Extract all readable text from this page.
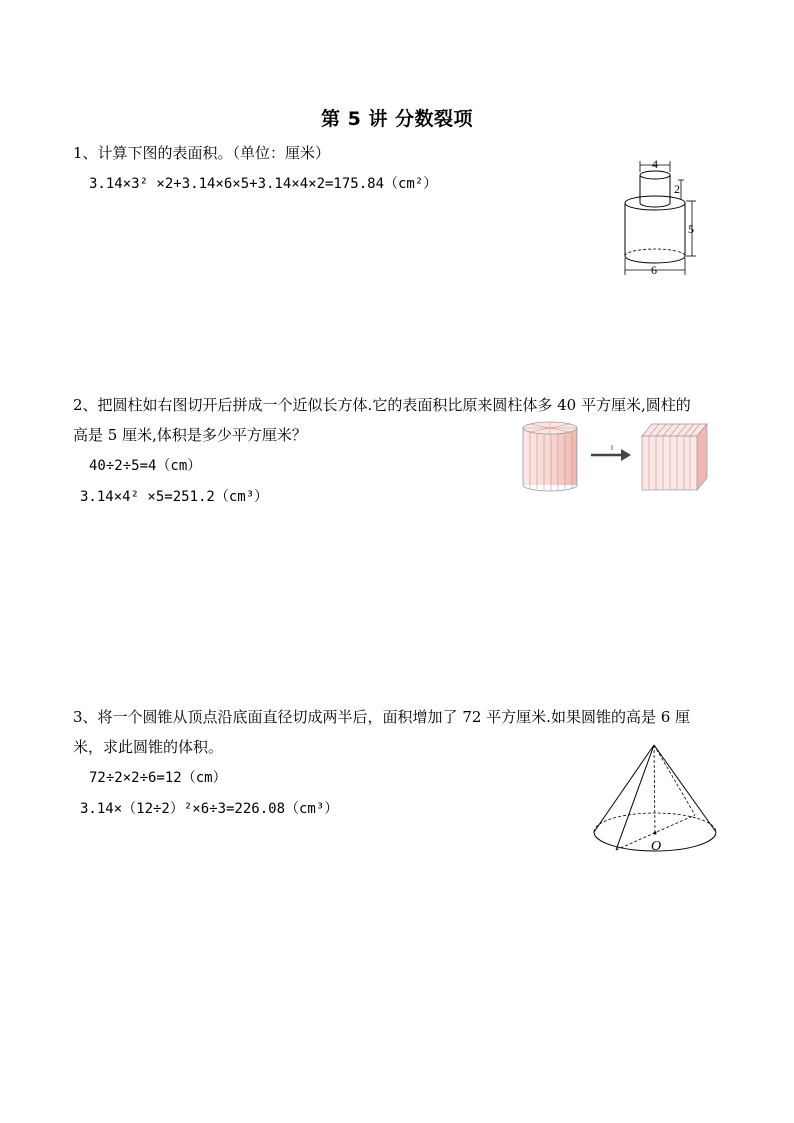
第 5 讲 分数裂项
1、计算下图的表面积。（单位：厘米）
3.14×3² ×2+3.14×6×5+3.14×4×2=175.84（cm²）
4
2
5
6
2、把圆柱如右图切开后拼成一个近似长方体.它的表面积比原来圆柱体多 40 平方厘米,圆柱的
高是 5 厘米,体积是多少平方厘米？
40÷2÷5=4（cm）
3.14×4² ×5=251.2（cm³）
3、将一个圆锥从顶点沿底面直径切成两半后，面积增加了 72 平方厘米.如果圆锥的高是 6 厘
米，求此圆锥的体积。
72÷2×2÷6=12（cm）
3.14×（12÷2）²×6÷3=226.08（cm³）
O
